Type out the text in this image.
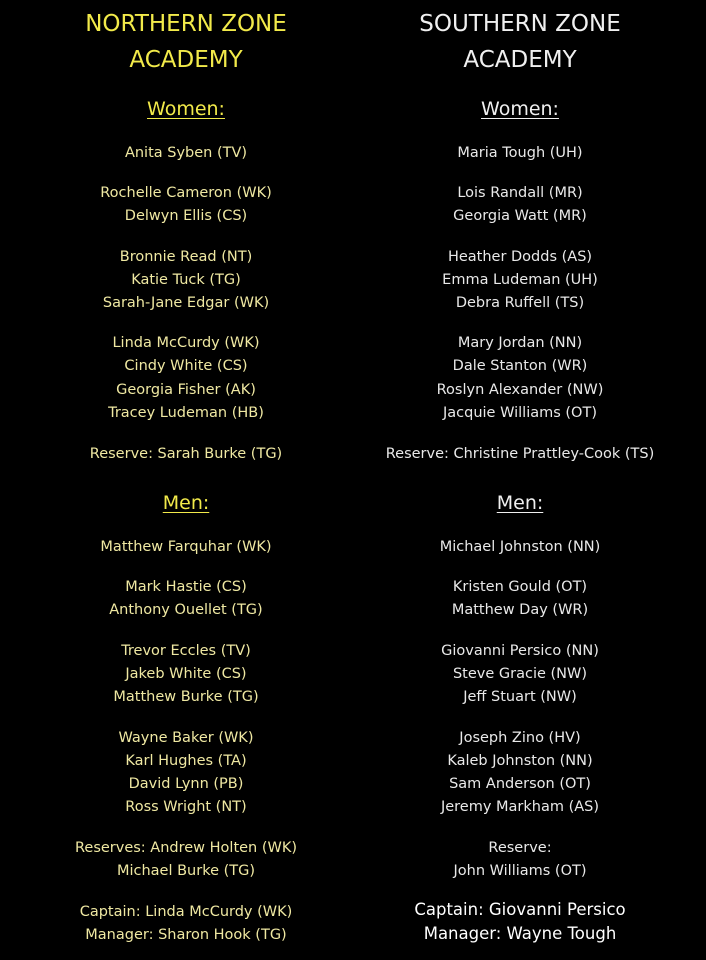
NORTHERN ZONE
ACADEMY
Women:
Anita Syben (TV)
Rochelle Cameron (WK)
Delwyn Ellis (CS)
Bronnie Read (NT)
Katie Tuck (TG)
Sarah-Jane Edgar (WK)
Linda McCurdy (WK)
Cindy White (CS)
Georgia Fisher (AK)
Tracey Ludeman (HB)
Reserve: Sarah Burke (TG)
Men:
Matthew Farquhar (WK)
Mark Hastie (CS)
Anthony Ouellet (TG)
Trevor Eccles (TV)
Jakeb White (CS)
Matthew Burke (TG)
Wayne Baker (WK)
Karl Hughes (TA)
David Lynn (PB)
Ross Wright (NT)
Reserves: Andrew Holten (WK)
Michael Burke (TG)
Captain: Linda McCurdy (WK)
Manager: Sharon Hook (TG)
SOUTHERN ZONE
ACADEMY
Women:
Maria Tough (UH)
Lois Randall (MR)
Georgia Watt (MR)
Heather Dodds (AS)
Emma Ludeman (UH)
Debra Ruffell (TS)
Mary Jordan (NN)
Dale Stanton (WR)
Roslyn Alexander (NW)
Jacquie Williams (OT)
Reserve: Christine Prattley-Cook (TS)
Men:
Michael Johnston (NN)
Kristen Gould (OT)
Matthew Day (WR)
Giovanni Persico (NN)
Steve Gracie (NW)
Jeff Stuart (NW)
Joseph Zino (HV)
Kaleb Johnston (NN)
Sam Anderson (OT)
Jeremy Markham (AS)
Reserve:
John Williams (OT)
Captain: Giovanni Persico
Manager: Wayne Tough
